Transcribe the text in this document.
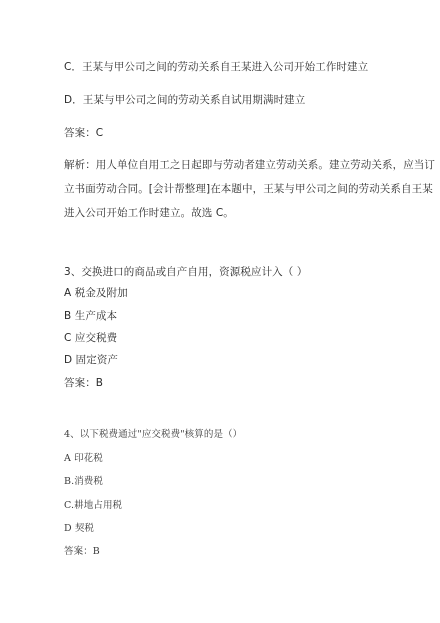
C．王某与甲公司之间的劳动关系自王某进入公司开始工作时建立
D．王某与甲公司之间的劳动关系自试用期满时建立
答案：C
解析：用人单位自用工之日起即与劳动者建立劳动关系。建立劳动关系，应当订
立书面劳动合同。[会计帮整理]在本题中，王某与甲公司之间的劳动关系自王某
进入公司开始工作时建立。故选 C。
3、交换进口的商品或自产自用，资源税应计入（ ）
A 税金及附加
B 生产成本
C 应交税费
D 固定资产
答案：B
4、以下税费通过"应交税费"核算的是（）
A 印花税
B.消费税
C.耕地占用税
D 契税
答案：B
